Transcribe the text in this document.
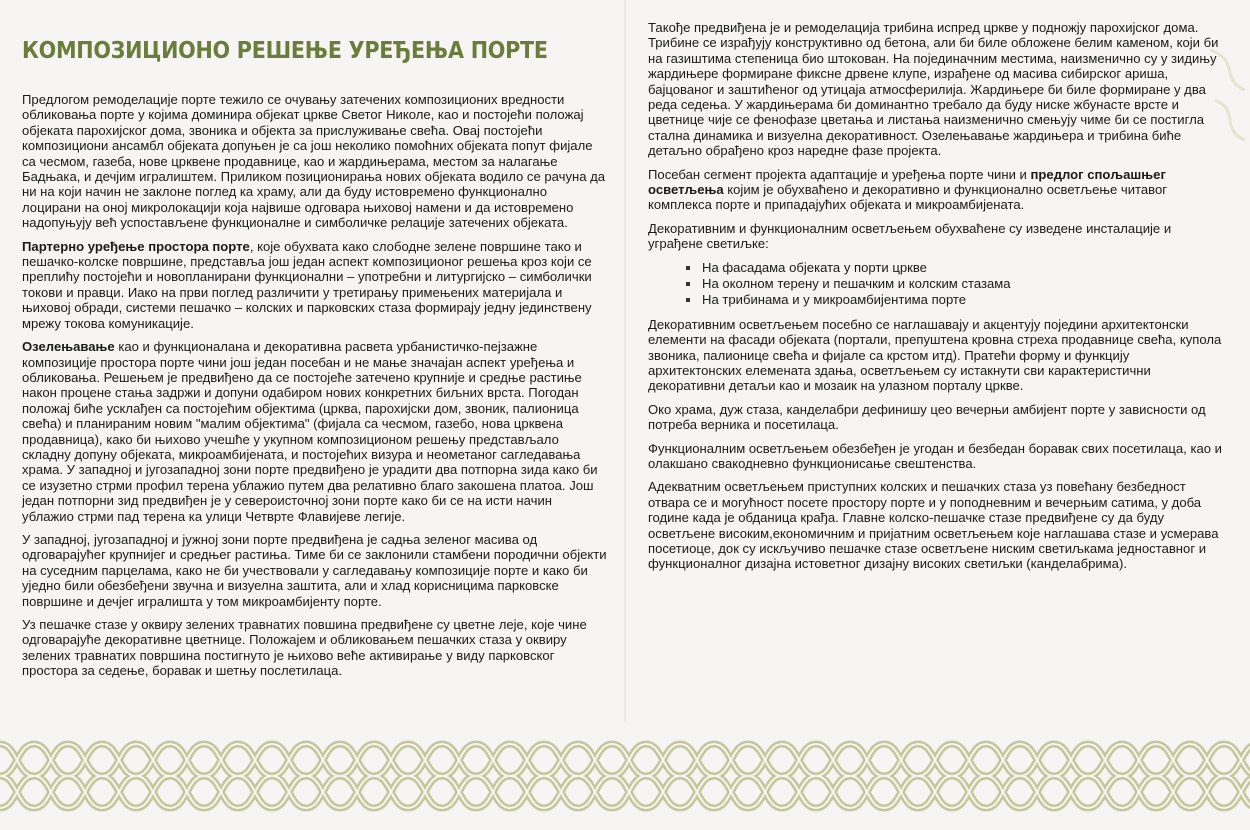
КОМПОЗИЦИОНО РЕШЕЊЕ УРЕЂЕЊА ПОРТЕ

Предлогом ремоделације порте тежило се очувању затечених композиционих вредности обликовања порте у којима доминира објекат цркве Светог Николе, као и постојећи положај објеката парохијског дома, звоника и објекта за прислуживање свећа. Овај постојећи композициони ансамбл објеката допуњен је са још неколико помоћних објеката попут фијале са чесмом, газеба, нове црквене продавнице, као и жардињерама, местом за налагање Бадњака, и дечјим игралиштем. Приликом позиционирања нових објеката водило се рачуна да ни на који начин не заклоне поглед ка храму, али да буду истовремено функционално лоцирани на оној микролокацији која највише одговара њиховој намени и да истовремено надопуњују већ успостављене функционалне и симболичке релације затечених објеката.

Партерно уређење простора порте, које обухвата како слободне зелене површине тако и пешачко-колске површине, представља још један аспект композиционог решења кроз који се преплићу постојећи и новопланирани функционални – употребни и литургијско – симболички токови и правци. Иако на први поглед различити у третирању примењених материјала и њиховој обради, системи пешачко – колских и парковских стаза формирају једну јединствену мрежу токова комуникације.

Озелењавање као и функционалана и декоративна расвета урбанистичко-пејзажне композиције простора порте чини још један посебан и не мање значајан аспект уређења и обликовања. Решењем је предвиђено да се постојеће затечено крупније и средње растиње након процене стања задржи и допуни одабиром нових конкретних биљних врста. Погодан положај биће усклађен са постојећим објектима (црква, парохијски дом, звоник, палионица свећа) и планираним новим "малим објектима" (фијала са чесмом, газебо, нова црквена продавница), како би њихово учешће у укупном композиционом решењу представљало складну допуну објеката, микроамбијената, и постојећих визура и неометаног сагледавања храма. У западној и југозападној зони порте предвиђено је урадити два потпорна зида како би се изузетно стрми профил терена ублажио путем два релативно благо закошена платоа. Још један потпорни зид предвиђен је у североисточној зони порте како би се на исти начин ублажио стрми пад терена ка улици Четврте Флавијеве легије.

У западној, југозападној и јужној зони порте предвиђена је садња зеленог масива од одговарајућег крупнијег и средњег растиња. Тиме би се заклонили стамбени породични објекти на суседним парцелама, како не би учествовали у сагледавању композиције порте и како би уједно били обезбеђени звучна и визуелна заштита, али и хлад корисницима парковске површине и дечјег игралишта у том микроамбијенту порте.

Уз пешачке стазе у оквиру зелених травнатих повшина предвиђене су цветне леје, које чине одговарајуће декоративне цветнице. Положајем и обликовањем пешачких стаза у оквиру зелених травнатих површина постигнуто је њихово веће активирање у виду парковског простора за седење, боравак и шетњу послетилаца.

Такође предвиђена је и ремоделација трибина испред цркве у подножју парохијског дома. Трибине се израђују конструктивно од бетона, али би биле обложене белим каменом, који би на газиштима степеница био штокован. На појединачним местима, наизменично су у зидињу жардињере формиране фиксне дрвене клупе, израђене од масива сибирског ариша, бајцованог и заштићеног од утицаја атмосферилија. Жардињере би биле формиране у два реда седења. У жардињерама би доминантно требало да буду ниске жбунасте врсте и цветнице чије се фенофазе цветања и листања наизменично смењују чиме би се постигла стална динамика и визуелна декоративност. Озелењавање жардињера и трибина биће детаљно обрађено кроз наредне фазе пројекта.

Посебан сегмент пројекта адаптације и уређења порте чини и предлог спољашњег осветљења којим је обухваћено и декоративно и функционално осветљење читавог комплекса порте и припадајућих објеката и микроамбијената.

Декоративним и функционалним осветљењем обухваћене су изведене инсталације и уграђене светиљке:

На фасадама објеката у порти цркве
На околном терену и пешачким и колским стазама
На трибинама и у микроамбијентима порте

Декоративним осветљењем посебно се наглашавају и акцентују поједини архитектонски елементи на фасади објеката (портали, препуштена кровна стреха продавнице свећа, купола звоника, палионице свећа и фијале са крстом итд). Пратећи форму и функцију архитектонских елемената здања, осветљењем су истакнути сви карактеристични декоративни детаљи као и мозаик на улазном порталу цркве.

Око храма, дуж стаза, канделабри дефинишу цео вечерњи амбијент порте у зависности од потреба верника и посетилаца.

Функционалним осветљењем обезбеђен је угодан и безбедан боравак свих посетилаца, као и олакшано свакодневно функционисање свештенства.

Адекватним осветљењем приступних колских и пешачких стаза уз повећану безбедност отвара се и могућност посете простору порте и у поподневним и вечерњим сатима, у доба године када је обданица крађа. Главне колско-пешачке стазе предвиђене су да буду осветљене високим,економичним и пријатним осветљењем које наглашава стазе и усмерава посетиоце, док су искључиво пешачке стазе осветљене ниским светиљкама једноставног и функционалног дизајна истоветног дизајну високих светиљки (канделабрима).
